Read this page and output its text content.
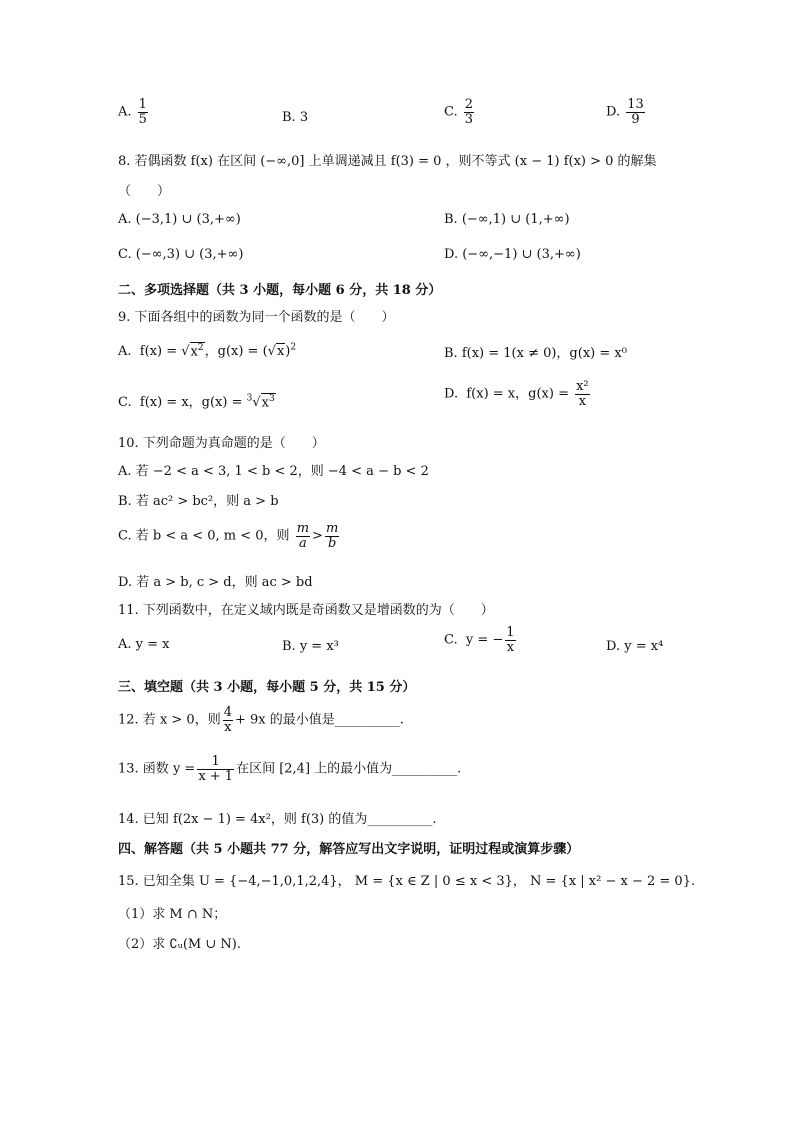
A. $\frac{1}{5}$	B. 3	C. $\frac{2}{3}$	D. $\frac{13}{9}$
8. 若偶函数 f(x) 在区间 (−∞,0] 上单调递减且 f(3) = 0 ，则不等式 (x − 1) f(x) > 0 的解集
（　　）
A. (−3,1) ∪ (3,+∞)	B. (−∞,1) ∪ (1,+∞)
C. (−∞,3) ∪ (3,+∞)	D. (−∞,−1) ∪ (3,+∞)
二、多项选择题（共 3 小题，每小题 6 分，共 18 分）
9. 下面各组中的函数为同一个函数的是（　　）
A. $f(x) = √x^2$，$g(x) = (√x)^2$	B. f(x) = 1(x ≠ 0)，g(x) = x⁰
C. f(x) = x，$g(x) = ^3√x^3$	D. f(x) = x，$g(x) = \frac{\text{x²}}{x}$
10. 下列命题为真命题的是（　　）
A. 若 −2 < a < 3, 1 < b < 2，则 −4 < a − b < 2
B. 若 ac² > bc²，则 a > b
C. 若 b < a < 0, m < 0，则 $\frac{m}{a} > \frac{m}{b}$
D. 若 a > b, c > d，则 ac > bd
11. 下列函数中，在定义域内既是奇函数又是增函数的为（　　）
A. y = x	B. y = x³	C. y = − $\frac{1}{x}$	D. y = x⁴
三、填空题（共 3 小题，每小题 5 分，共 15 分）
12. 若 x > 0，则 $\frac{4}{x} + 9x$ 的最小值是__________.
13. 函数 $y = \frac{1}{x + 1}$ 在区间 [2,4] 上的最小值为__________.
14. 已知 f(2x − 1) = 4x²，则 f(3) 的值为__________.
四、解答题（共 5 小题共 77 分，解答应写出文字说明，证明过程或演算步骤）
15. 已知全集 U = {−4,−1,0,1,2,4}， M = {x ∈ Z | 0 ≤ x < 3}， N = {x | x² − x − 2 = 0}.
（1）求 M ∩ N；
（2）求 ∁ᵤ(M ∪ N).
